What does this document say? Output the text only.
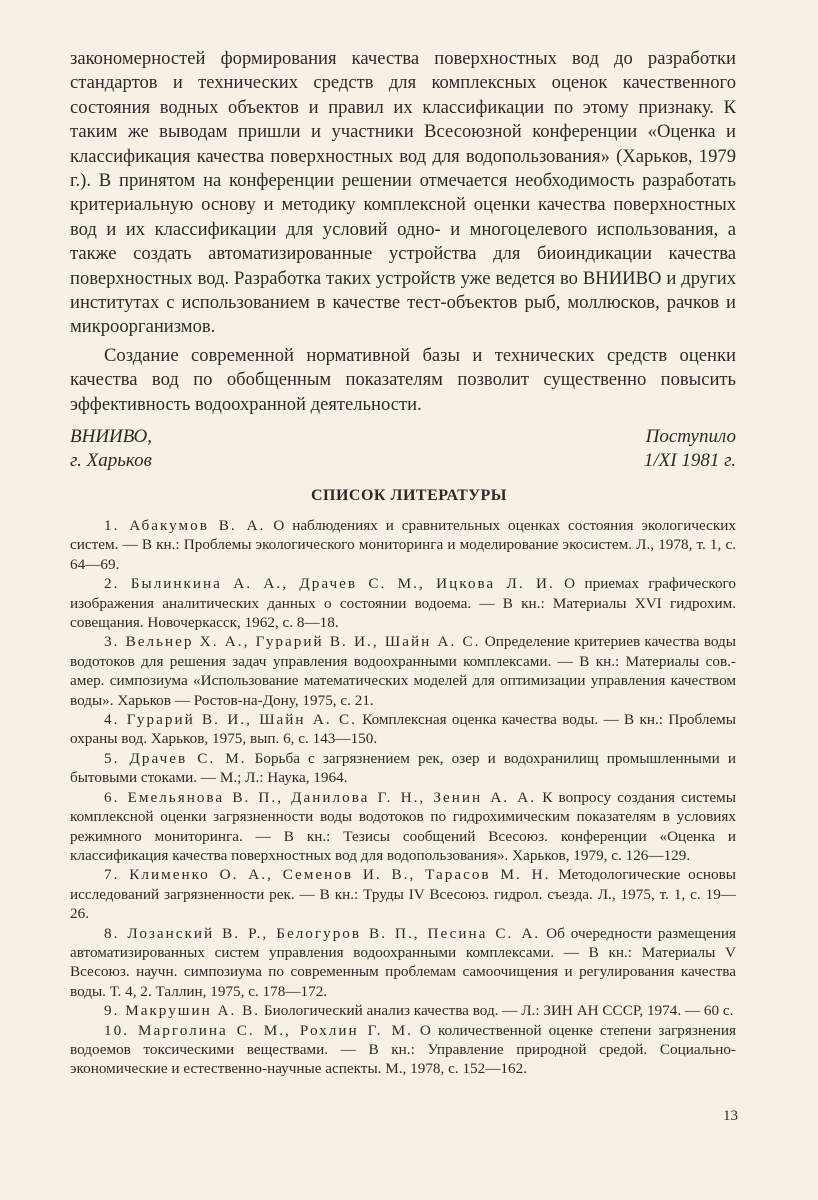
закономерностей формирования качества поверхностных вод до разработки стандартов и технических средств для комплексных оценок качественного состояния водных объектов и правил их классификации по этому признаку. К таким же выводам пришли и участники Всесоюзной конференции «Оценка и классификация качества поверхностных вод для водопользования» (Харьков, 1979 г.). В принятом на конференции решении отмечается необходимость разработать критериальную основу и методику комплексной оценки качества поверхностных вод и их классификации для условий одно- и многоцелевого использования, а также создать автоматизированные устройства для биоиндикации качества поверхностных вод. Разработка таких устройств уже ведется во ВНИИВО и других институтах с использованием в качестве тест-объектов рыб, моллюсков, рачков и микроорганизмов.

Создание современной нормативной базы и технических средств оценки качества вод по обобщенным показателям позволит существенно повысить эффективность водоохранной деятельности.

ВНИИВО,
г. Харьков
Поступило
1/XI 1981 г.
СПИСОК ЛИТЕРАТУРЫ
1. Абакумов В. А. О наблюдениях и сравнительных оценках состояния экологических систем. — В кн.: Проблемы экологического мониторинга и моделирование экосистем. Л., 1978, т. 1, с. 64—69.
2. Былинкина А. А., Драчев С. М., Ицкова Л. И. О приемах графического изображения аналитических данных о состоянии водоема. — В кн.: Материалы XVI гидрохим. совещания. Новочеркасск, 1962, с. 8—18.
3. Вельнер Х. А., Гурарий В. И., Шайн А. С. Определение критериев качества воды водотоков для решения задач управления водоохранными комплексами. — В кн.: Материалы сов.-амер. симпозиума «Использование математических моделей для оптимизации управления качеством воды». Харьков — Ростов-на-Дону, 1975, с. 21.
4. Гурарий В. И., Шайн А. С. Комплексная оценка качества воды. — В кн.: Проблемы охраны вод. Харьков, 1975, вып. 6, с. 143—150.
5. Драчев С. М. Борьба с загрязнением рек, озер и водохранилищ промышленными и бытовыми стоками. — М.; Л.: Наука, 1964.
6. Емельянова В. П., Данилова Г. Н., Зенин А. А. К вопросу создания системы комплексной оценки загрязненности воды водотоков по гидрохимическим показателям в условиях режимного мониторинга. — В кн.: Тезисы сообщений Всесоюз. конференции «Оценка и классификация качества поверхностных вод для водопользования». Харьков, 1979, с. 126—129.
7. Клименко О. А., Семенов И. В., Тарасов М. Н. Методологические основы исследований загрязненности рек. — В кн.: Труды IV Всесоюз. гидрол. съезда. Л., 1975, т. 1, с. 19—26.
8. Лозанский В. Р., Белогуров В. П., Песина С. А. Об очередности размещения автоматизированных систем управления водоохранными комплексами. — В кн.: Материалы V Всесоюз. научн. симпозиума по современным проблемам самоочищения и регулирования качества воды. Т. 4, 2. Таллин, 1975, с. 178—172.
9. Макрушин А. В. Биологический анализ качества вод. — Л.: ЗИН АН СССР, 1974. — 60 с.
10. Марголина С. М., Рохлин Г. М. О количественной оценке степени загрязнения водоемов токсическими веществами. — В кн.: Управление природной средой. Социально-экономические и естественно-научные аспекты. М., 1978, с. 152—162.
13
